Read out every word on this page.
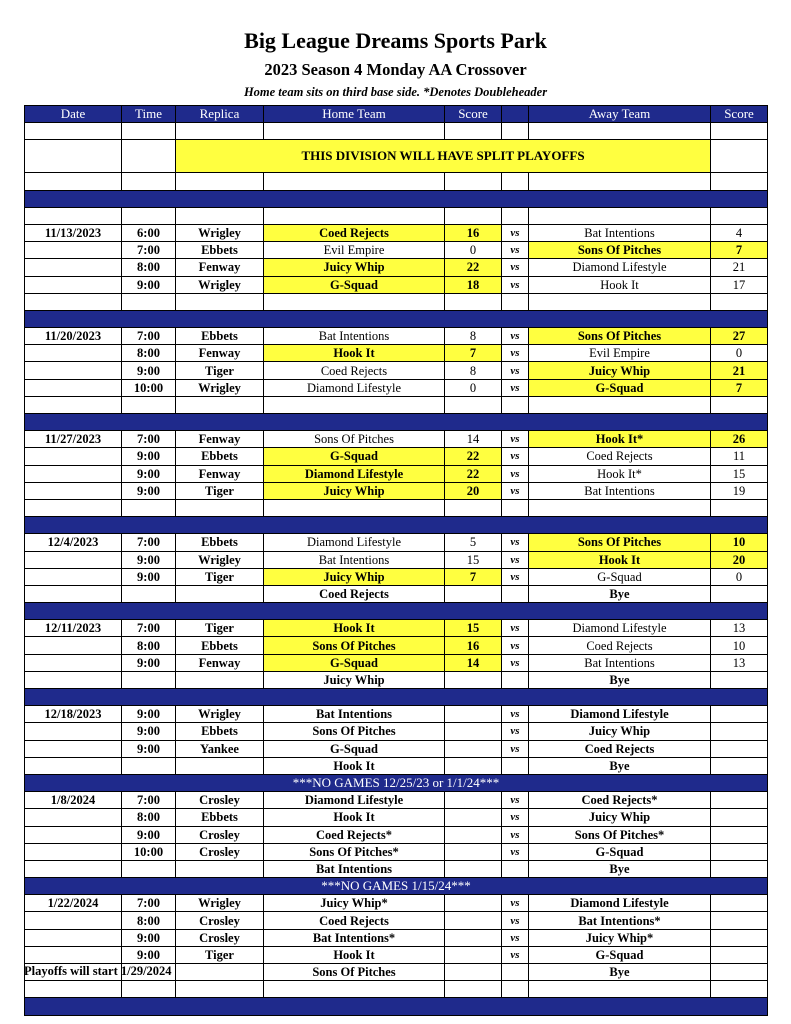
Big League Dreams Sports Park
2023 Season 4 Monday AA Crossover
Home team sits on third base side. *Denotes Doubleheader
Date	Time	Replica	Home Team	Score		Away Team	Score

		THIS DIVISION WILL HAVE SPLIT PLAYOFFS					

11/13/2023	6:00	Wrigley	Coed Rejects	16	vs	Bat Intentions	4
	7:00	Ebbets	Evil Empire	0	vs	Sons Of Pitches	7
	8:00	Fenway	Juicy Whip	22	vs	Diamond Lifestyle	21
	9:00	Wrigley	G-Squad	18	vs	Hook It	17

11/20/2023	7:00	Ebbets	Bat Intentions	8	vs	Sons Of Pitches	27
	8:00	Fenway	Hook It	7	vs	Evil Empire	0
	9:00	Tiger	Coed Rejects	8	vs	Juicy Whip	21
	10:00	Wrigley	Diamond Lifestyle	0	vs	G-Squad	7

11/27/2023	7:00	Fenway	Sons Of Pitches	14	vs	Hook It*	26
	9:00	Ebbets	G-Squad	22	vs	Coed Rejects	11
	9:00	Fenway	Diamond Lifestyle	22	vs	Hook It*	15
	9:00	Tiger	Juicy Whip	20	vs	Bat Intentions	19

12/4/2023	7:00	Ebbets	Diamond Lifestyle	5	vs	Sons Of Pitches	10
	9:00	Wrigley	Bat Intentions	15	vs	Hook It	20
	9:00	Tiger	Juicy Whip	7	vs	G-Squad	0
			Coed Rejects			Bye	

12/11/2023	7:00	Tiger	Hook It	15	vs	Diamond Lifestyle	13
	8:00	Ebbets	Sons Of Pitches	16	vs	Coed Rejects	10
	9:00	Fenway	G-Squad	14	vs	Bat Intentions	13
			Juicy Whip			Bye	

12/18/2023	9:00	Wrigley	Bat Intentions		vs	Diamond Lifestyle	
	9:00	Ebbets	Sons Of Pitches		vs	Juicy Whip	
	9:00	Yankee	G-Squad		vs	Coed Rejects	
			Hook It			Bye	
***NO GAMES 12/25/23 or 1/1/24***							
1/8/2024	7:00	Crosley	Diamond Lifestyle		vs	Coed Rejects*	
	8:00	Ebbets	Hook It		vs	Juicy Whip	
	9:00	Crosley	Coed Rejects*		vs	Sons Of Pitches*	
	10:00	Crosley	Sons Of Pitches*		vs	G-Squad	
			Bat Intentions			Bye	
***NO GAMES 1/15/24***							
1/22/2024	7:00	Wrigley	Juicy Whip*		vs	Diamond Lifestyle	
	8:00	Crosley	Coed Rejects		vs	Bat Intentions*	
	9:00	Crosley	Bat Intentions*		vs	Juicy Whip*	
	9:00	Tiger	Hook It		vs	G-Squad	
			Sons Of Pitches			Bye	

Playoffs will start 1/29/2024
